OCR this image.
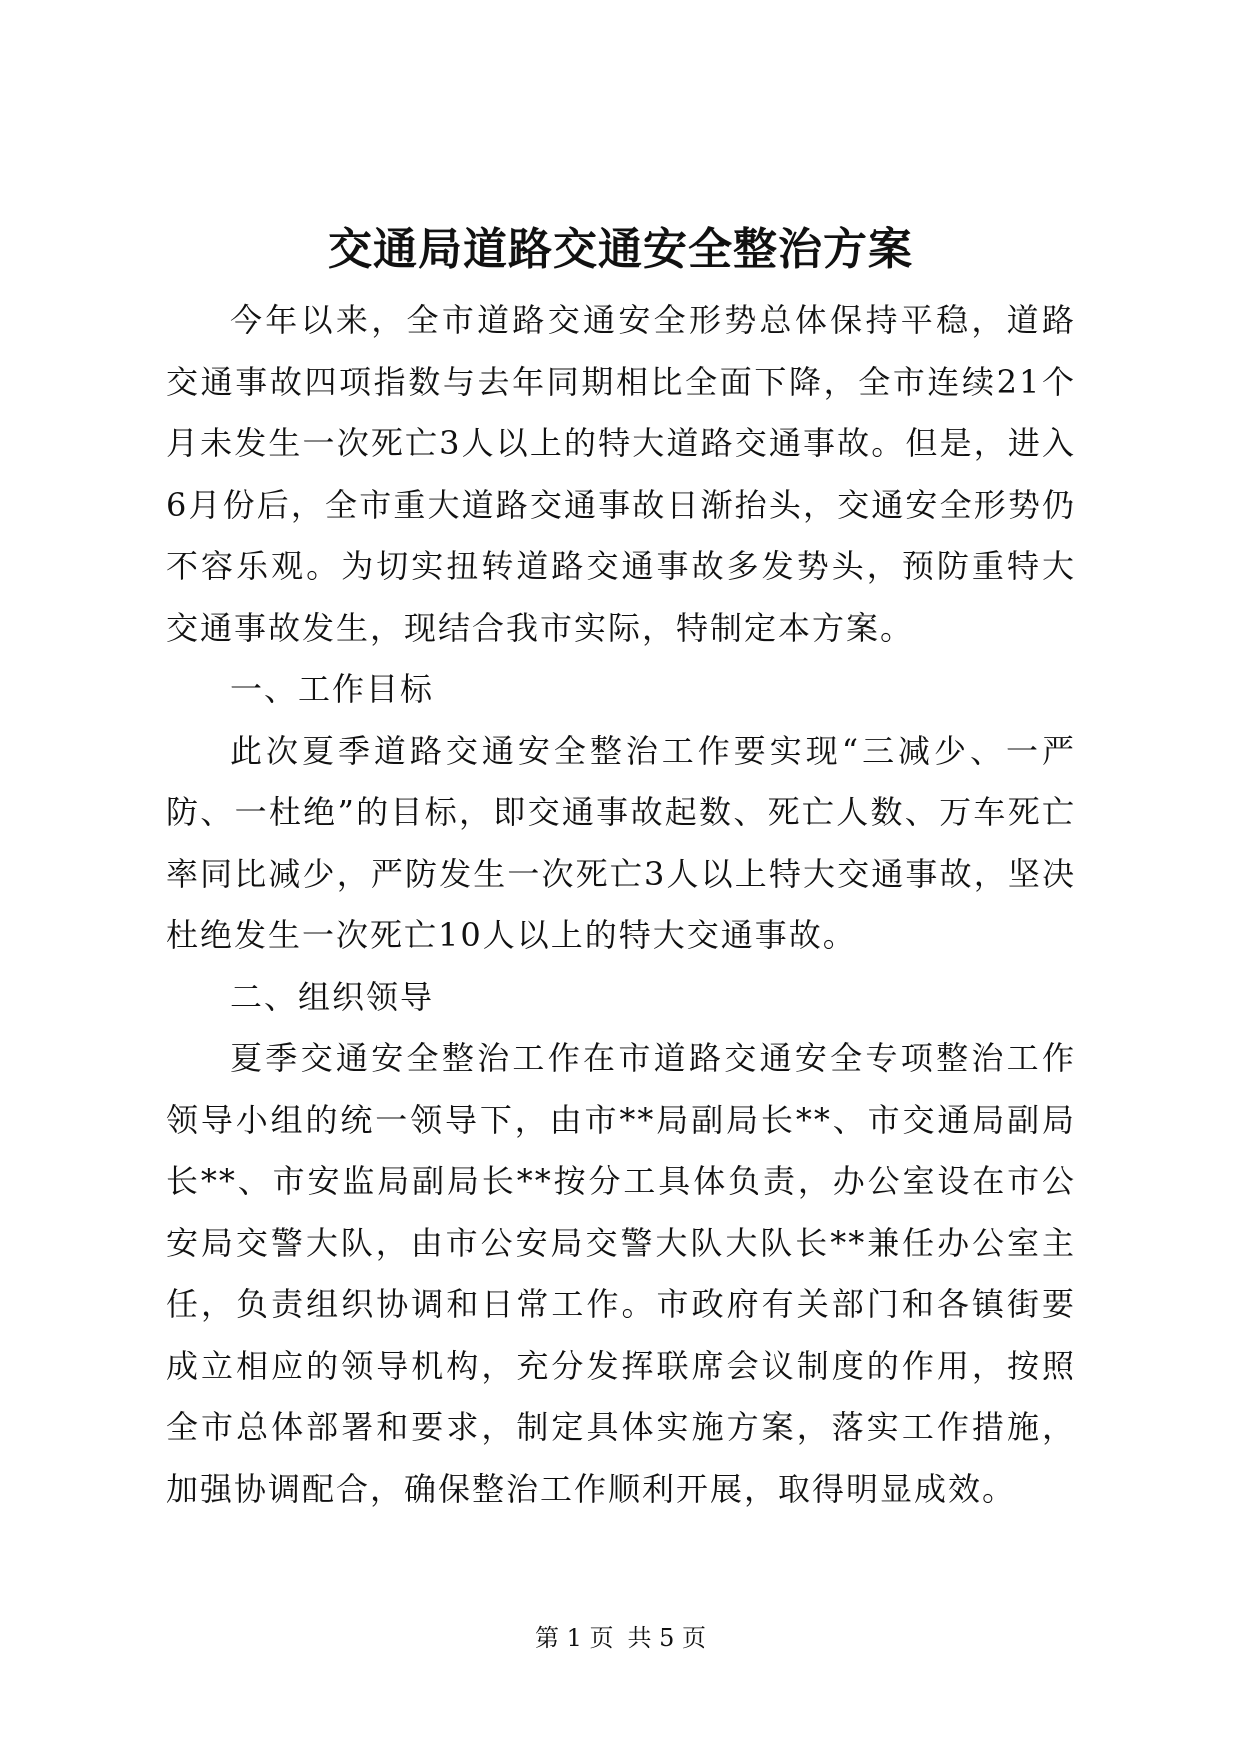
交通局道路交通安全整治方案

今年以来，全市道路交通安全形势总体保持平稳，道路交通事故四项指数与去年同期相比全面下降，全市连续21个月未发生一次死亡3人以上的特大道路交通事故。但是，进入6月份后，全市重大道路交通事故日渐抬头，交通安全形势仍不容乐观。为切实扭转道路交通事故多发势头，预防重特大交通事故发生，现结合我市实际，特制定本方案。

一、工作目标

此次夏季道路交通安全整治工作要实现“三减少、一严防、一杜绝”的目标，即交通事故起数、死亡人数、万车死亡率同比减少，严防发生一次死亡3人以上特大交通事故，坚决杜绝发生一次死亡10人以上的特大交通事故。

二、组织领导

夏季交通安全整治工作在市道路交通安全专项整治工作领导小组的统一领导下，由市**局副局长**、市交通局副局长**、市安监局副局长**按分工具体负责，办公室设在市公安局交警大队，由市公安局交警大队大队长**兼任办公室主任，负责组织协调和日常工作。市政府有关部门和各镇街要成立相应的领导机构，充分发挥联席会议制度的作用，按照全市总体部署和要求，制定具体实施方案，落实工作措施，加强协调配合，确保整治工作顺利开展，取得明显成效。

第 1 页 共 5 页
